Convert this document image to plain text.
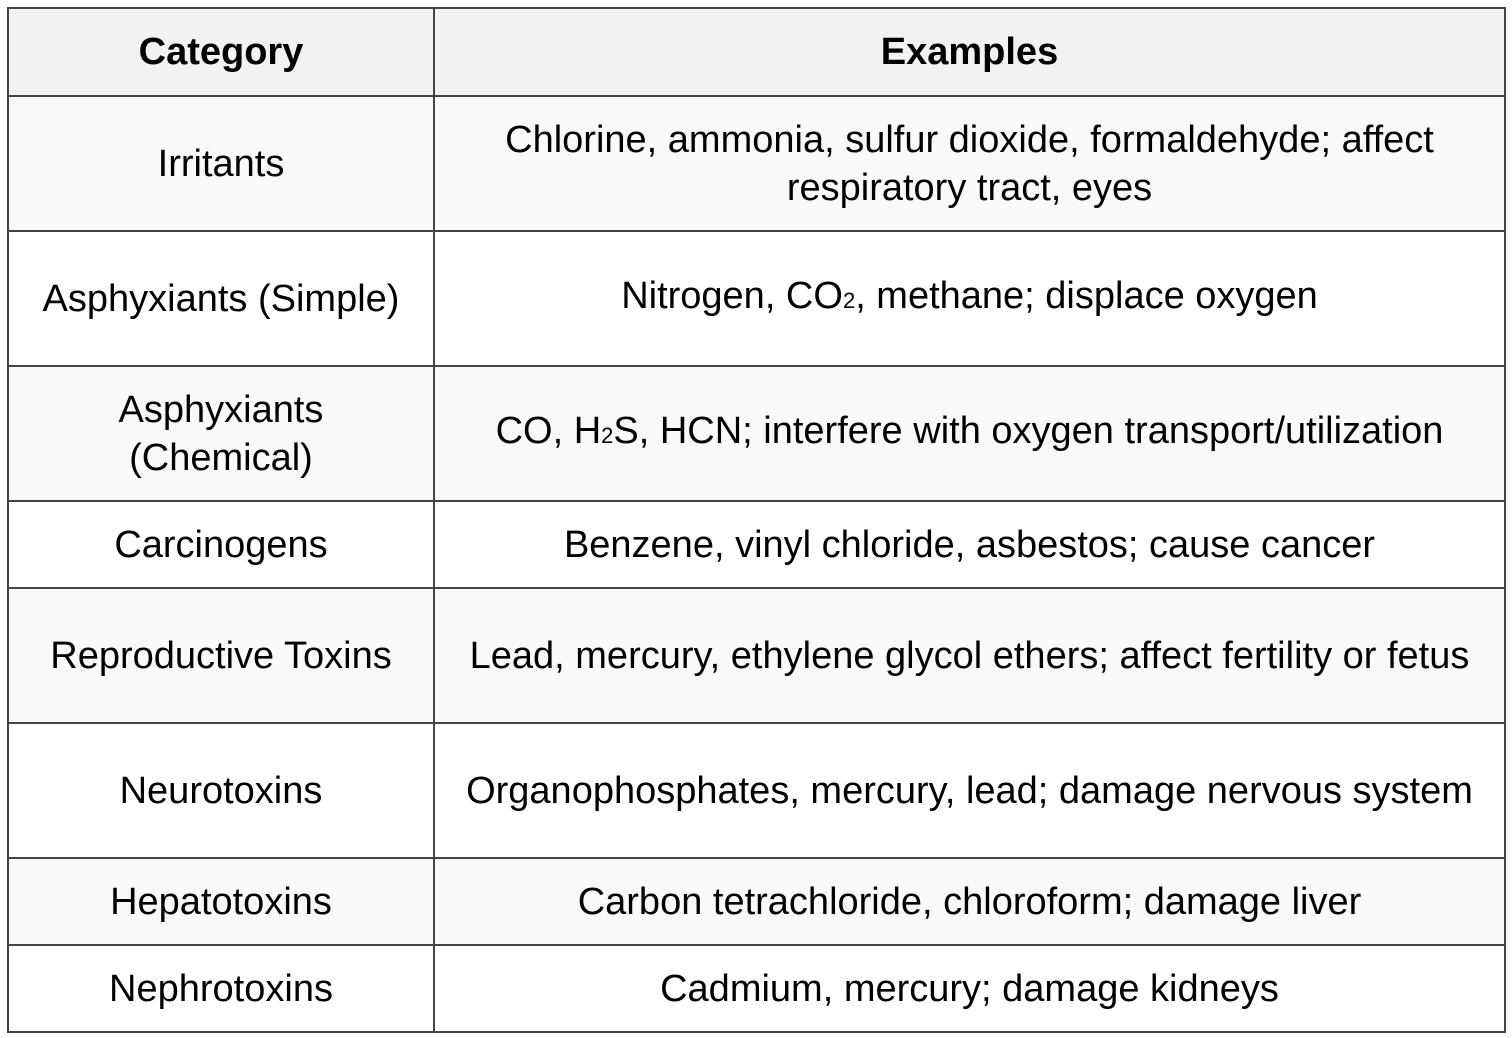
Category	Examples
Irritants	Chlorine, ammonia, sulfur dioxide, formaldehyde; affect respiratory tract, eyes
Asphyxiants (Simple)	Nitrogen, CO2, methane; displace oxygen
Asphyxiants (Chemical)	CO, H2S, HCN; interfere with oxygen transport/utilization
Carcinogens	Benzene, vinyl chloride, asbestos; cause cancer
Reproductive Toxins	Lead, mercury, ethylene glycol ethers; affect fertility or fetus
Neurotoxins	Organophosphates, mercury, lead; damage nervous system
Hepatotoxins	Carbon tetrachloride, chloroform; damage liver
Nephrotoxins	Cadmium, mercury; damage kidneys
